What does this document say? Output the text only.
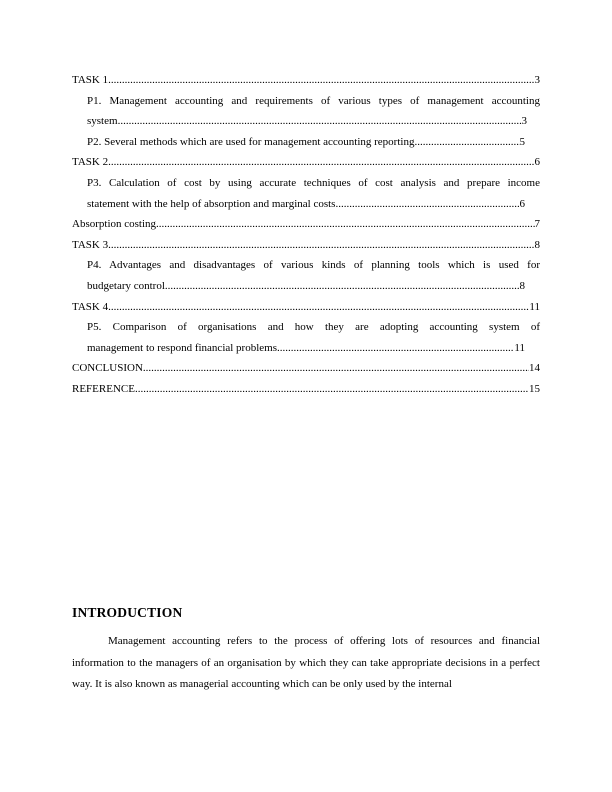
TASK 1 .....	3
P1. Management accounting and requirements of various types of management accounting
system .....	3
P2. Several methods which are used for management accounting reporting .....	5
TASK 2 .....	6
P3. Calculation of cost by using accurate techniques of cost analysis and prepare income
statement with the help of absorption and marginal costs .....	6
Absorption costing .....	7
TASK 3 .....	8
P4. Advantages and disadvantages of various kinds of planning tools which is used for
budgetary control .....	8
TASK 4 .....	11
P5. Comparison of organisations and how they are adopting accounting system of
management to respond financial problems .....	11
CONCLUSION .....	14
REFERENCE .....	15
INTRODUCTION

Management accounting refers to the process of offering lots of resources and financial information to the managers of an organisation by which they can take appropriate decisions in a perfect way. It is also known as managerial accounting which can be only used by the internal
